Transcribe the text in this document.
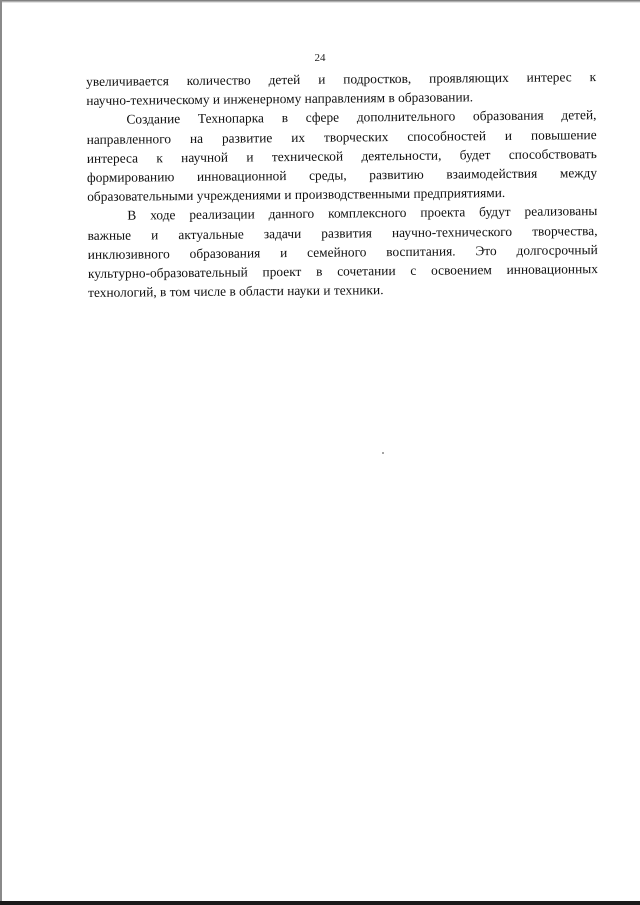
24
увеличивается количество детей и подростков, проявляющих интерес к
научно-техническому и инженерному направлениям в образовании.
Создание Технопарка в сфере дополнительного образования детей,
направленного на развитие их творческих способностей и повышение
интереса к научной и технической деятельности, будет способствовать
формированию инновационной среды, развитию взаимодействия между
образовательными учреждениями и производственными предприятиями.
В ходе реализации данного комплексного проекта будут реализованы
важные и актуальные задачи развития научно-технического творчества,
инклюзивного образования и семейного воспитания. Это долгосрочный
культурно-образовательный проект в сочетании с освоением инновационных
технологий, в том числе в области науки и техники.
